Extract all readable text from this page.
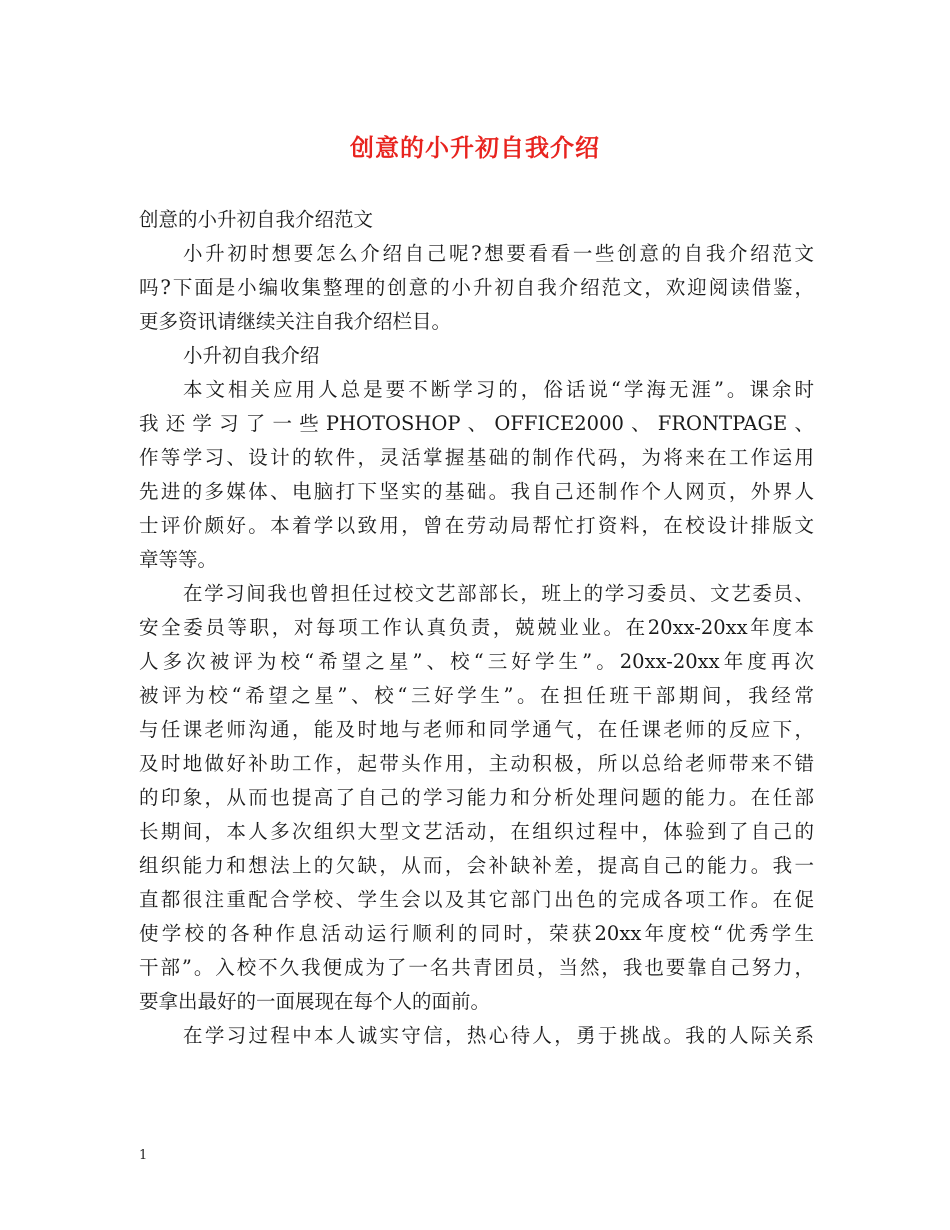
创意的小升初自我介绍
创意的小升初自我介绍范文
小升初时想要怎么介绍自己呢?想要看看一些创意的自我介绍范文
吗?下面是小编收集整理的创意的小升初自我介绍范文，欢迎阅读借鉴，
更多资讯请继续关注自我介绍栏目。
小升初自我介绍
本文相关应用人总是要不断学习的，俗话说“学海无涯”。课余时
我还学习了一些PHOTOSHOP、OFFICE2000、FRONTPAGE、
作等学习、设计的软件，灵活掌握基础的制作代码，为将来在工作运用
先进的多媒体、电脑打下坚实的基础。我自己还制作个人网页，外界人
士评价颇好。本着学以致用，曾在劳动局帮忙打资料，在校设计排版文
章等等。
在学习间我也曾担任过校文艺部部长，班上的学习委员、文艺委员、
安全委员等职，对每项工作认真负责，兢兢业业。在20xx-20xx年度本
人多次被评为校“希望之星”、校“三好学生”。20xx-20xx年度再次
被评为校“希望之星”、校“三好学生”。在担任班干部期间，我经常
与任课老师沟通，能及时地与老师和同学通气，在任课老师的反应下，
及时地做好补助工作，起带头作用，主动积极，所以总给老师带来不错
的印象，从而也提高了自己的学习能力和分析处理问题的能力。在任部
长期间，本人多次组织大型文艺活动，在组织过程中，体验到了自己的
组织能力和想法上的欠缺，从而，会补缺补差，提高自己的能力。我一
直都很注重配合学校、学生会以及其它部门出色的完成各项工作。在促
使学校的各种作息活动运行顺利的同时，荣获20xx年度校“优秀学生
干部”。入校不久我便成为了一名共青团员，当然，我也要靠自己努力，
要拿出最好的一面展现在每个人的面前。
在学习过程中本人诚实守信，热心待人，勇于挑战。我的人际关系
1
